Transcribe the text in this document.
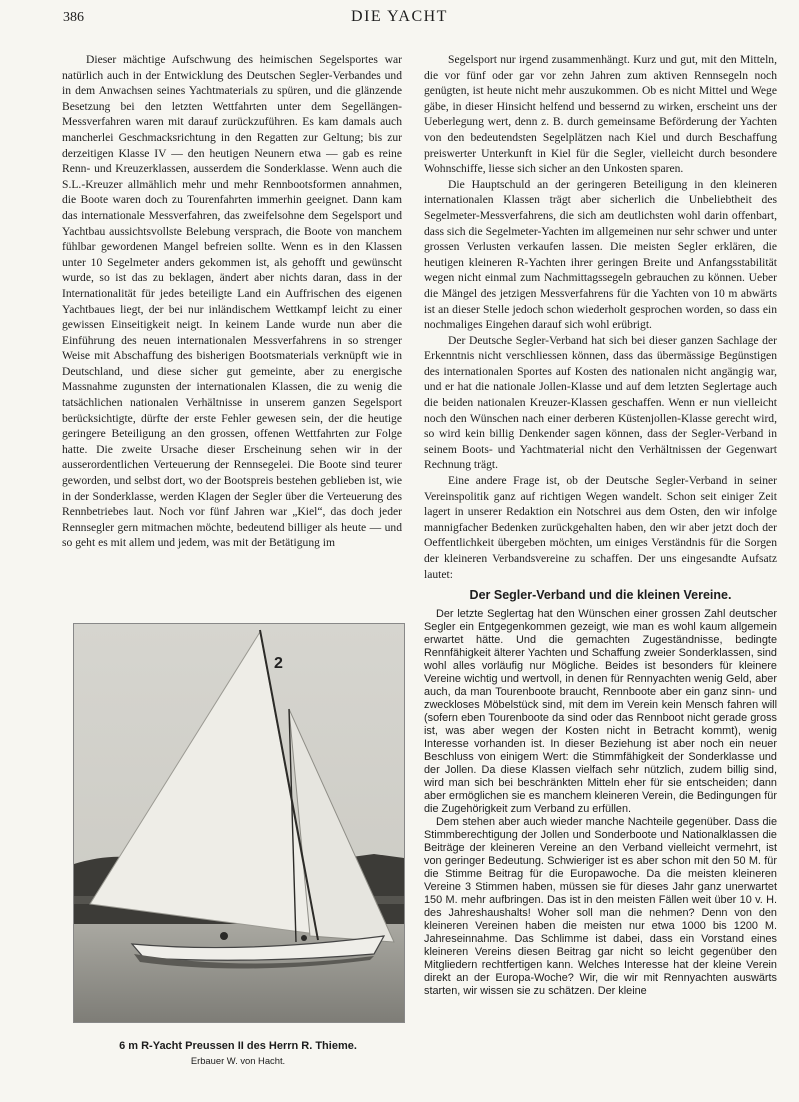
386	DIE YACHT

Dieser mächtige Aufschwung des heimischen Segelsportes war natürlich auch in der Entwicklung des Deutschen Segler-Verbandes und in dem Anwachsen seines Yachtmaterials zu spüren, und die glänzende Besetzung bei den letzten Wettfahrten unter dem Segellängen-Messverfahren waren mit darauf zurückzuführen. Es kam damals auch mancherlei Geschmacksrichtung in den Regatten zur Geltung; bis zur derzeitigen Klasse IV — den heutigen Neunern etwa — gab es reine Renn- und Kreuzerklassen, ausserdem die Sonderklasse. Wenn auch die S.L.-Kreuzer allmählich mehr und mehr Rennbootsformen annahmen, die Boote waren doch zu Tourenfahrten immerhin geeignet. Dann kam das internationale Messverfahren, das zweifelsohne dem Segelsport und Yachtbau aussichtsvollste Belebung versprach, die Boote von manchem fühlbar gewordenen Mangel befreien sollte. Wenn es in den Klassen unter 10 Segelmeter anders gekommen ist, als gehofft und gewünscht wurde, so ist das zu beklagen, ändert aber nichts daran, dass in der Internationalität für jedes beteiligte Land ein Auffrischen des eigenen Yachtbaues liegt, der bei nur inländischem Wettkampf leicht zu einer gewissen Einseitigkeit neigt. In keinem Lande wurde nun aber die Einführung des neuen internationalen Messverfahrens in so strenger Weise mit Abschaffung des bisherigen Bootsmaterials verknüpft wie in Deutschland, und diese sicher gut gemeinte, aber zu energische Massnahme zugunsten der internationalen Klassen, die zu wenig die tatsächlichen nationalen Verhältnisse in unserem ganzen Segelsport berücksichtigte, dürfte der erste Fehler gewesen sein, der die heutige geringere Beteiligung an den grossen, offenen Wettfahrten zur Folge hatte. Die zweite Ursache dieser Erscheinung sehen wir in der ausserordentlichen Verteuerung der Rennsegelei. Die Boote sind teurer geworden, und selbst dort, wo der Bootspreis bestehen geblieben ist, wie in der Sonderklasse, werden Klagen der Segler über die Verteuerung des Rennbetriebes laut. Noch vor fünf Jahren war „Kiel“, das doch jeder Rennsegler gern mitmachen möchte, bedeutend billiger als heute — und so geht es mit allem und jedem, was mit der Betätigung im

Segelsport nur irgend zusammenhängt. Kurz und gut, mit den Mitteln, die vor fünf oder gar vor zehn Jahren zum aktiven Rennsegeln noch genügten, ist heute nicht mehr auszukommen. Ob es nicht Mittel und Wege gäbe, in dieser Hinsicht helfend und bessernd zu wirken, erscheint uns der Ueberlegung wert, denn z. B. durch gemeinsame Beförderung der Yachten von den bedeutendsten Segelplätzen nach Kiel und durch Beschaffung preiswerter Unterkunft in Kiel für die Segler, vielleicht durch besondere Wohnschiffe, liesse sich sicher an den Unkosten sparen.

Die Hauptschuld an der geringeren Beteiligung in den kleineren internationalen Klassen trägt aber sicherlich die Unbeliebtheit des Segelmeter-Messverfahrens, die sich am deutlichsten wohl darin offenbart, dass sich die Segelmeter-Yachten im allgemeinen nur sehr schwer und unter grossen Verlusten verkaufen lassen. Die meisten Segler erklären, die heutigen kleineren R-Yachten ihrer geringen Breite und Anfangsstabilität wegen nicht einmal zum Nachmittagssegeln gebrauchen zu können. Ueber die Mängel des jetzigen Messverfahrens für die Yachten von 10 m abwärts ist an dieser Stelle jedoch schon wiederholt gesprochen worden, so dass ein nochmaliges Eingehen darauf sich wohl erübrigt.

Der Deutsche Segler-Verband hat sich bei dieser ganzen Sachlage der Erkenntnis nicht verschliessen können, dass das übermässige Begünstigen des internationalen Sportes auf Kosten des nationalen nicht angängig war, und er hat die nationale Jollen-Klasse und auf dem letzten Seglertage auch die beiden nationalen Kreuzer-Klassen geschaffen. Wenn er nun vielleicht noch den Wünschen nach einer derberen Küstenjollen-Klasse gerecht wird, so wird kein billig Denkender sagen können, dass der Segler-Verband in seinem Boots- und Yachtmaterial nicht den Verhältnissen der Gegenwart Rechnung trägt.

Eine andere Frage ist, ob der Deutsche Segler-Verband in seiner Vereinspolitik ganz auf richtigen Wegen wandelt. Schon seit einiger Zeit lagert in unserer Redaktion ein Notschrei aus dem Osten, den wir infolge mannigfacher Bedenken zurückgehalten haben, den wir aber jetzt doch der Oeffentlichkeit übergeben möchten, um einiges Verständnis für die Sorgen der kleineren Verbandsvereine zu schaffen. Der uns eingesandte Aufsatz lautet:

Der Segler-Verband und die kleinen Vereine.

Der letzte Seglertag hat den Wünschen einer grossen Zahl deutscher Segler ein Entgegenkommen gezeigt, wie man es wohl kaum allgemein erwartet hätte. Und die gemachten Zugeständnisse, bedingte Rennfähigkeit älterer Yachten und Schaffung zweier Sonderklassen, sind wohl alles vorläufig nur Mögliche. Beides ist besonders für kleinere Vereine wichtig und wertvoll, in denen für Rennyachten wenig Geld, aber auch, da man Tourenboote braucht, Rennboote aber ein ganz sinn- und zweckloses Möbelstück sind, mit dem im Verein kein Mensch fahren will (sofern eben Tourenboote da sind oder das Rennboot nicht gerade gross ist, was aber wegen der Kosten nicht in Betracht kommt), wenig Interesse vorhanden ist. In dieser Beziehung ist aber noch ein neuer Beschluss von einigem Wert: die Stimmfähigkeit der Sonderklasse und der Jollen. Da diese Klassen vielfach sehr nützlich, zudem billig sind, wird man sich bei beschränkten Mitteln eher für sie entscheiden; dann aber ermöglichen sie es manchem kleineren Verein, die Bedingungen für die Zugehörigkeit zum Verband zu erfüllen.

Dem stehen aber auch wieder manche Nachteile gegenüber. Dass die Stimmberechtigung der Jollen und Sonderboote und Nationalklassen die Beiträge der kleineren Vereine an den Verband vielleicht vermehrt, ist von geringer Bedeutung. Schwieriger ist es aber schon mit den 50 M. für die Stimme Beitrag für die Europawoche. Da die meisten kleineren Vereine 3 Stimmen haben, müssen sie für dieses Jahr ganz unerwartet 150 M. mehr aufbringen. Das ist in den meisten Fällen weit über 10 v. H. des Jahreshaushalts! Woher soll man die nehmen? Denn von den kleineren Vereinen haben die meisten nur etwa 1000 bis 1200 M. Jahreseinnahme. Das Schlimme ist dabei, dass ein Vorstand eines kleineren Vereins diesen Beitrag gar nicht so leicht gegenüber den Mitgliedern rechtfertigen kann. Welches Interesse hat der kleine Verein direkt an der Europa-Woche? Wir, die wir mit Rennyachten auswärts starten, wir wissen sie zu schätzen. Der kleine

2
6 m R-Yacht Preussen II des Herrn R. Thieme.
Erbauer W. von Hacht.
